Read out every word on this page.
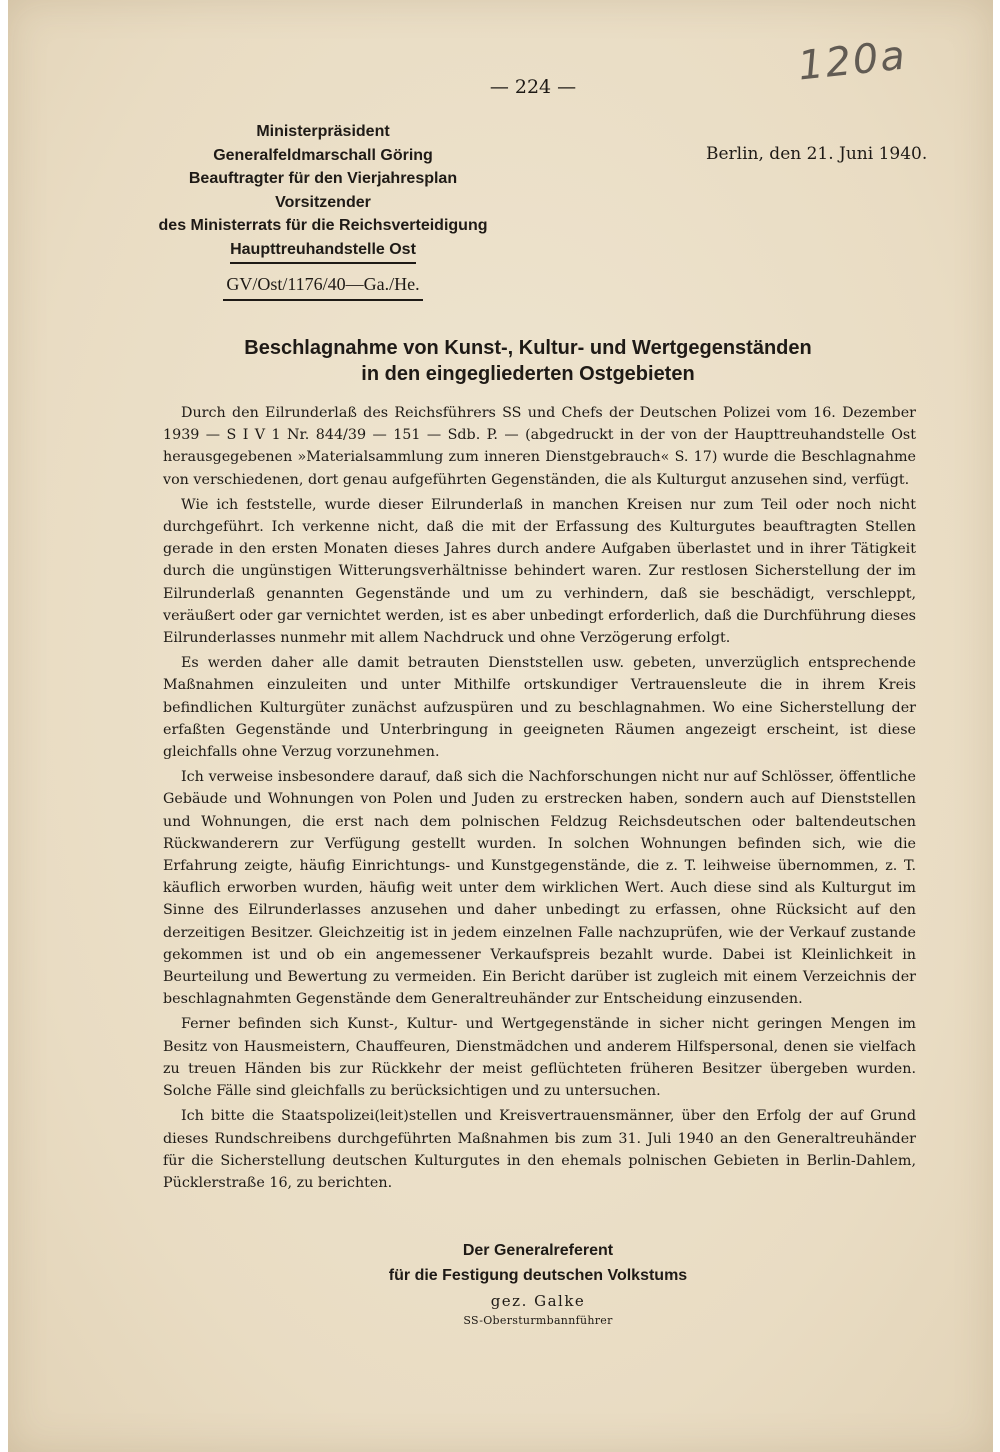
120a
— 224 —
Ministerpräsident
Generalfeldmarschall Göring
Beauftragter für den Vierjahresplan
Vorsitzender
des Ministerrats für die Reichsverteidigung
Haupttreuhandstelle Ost
GV/Ost/1176/40—Ga./He.
Berlin, den 21. Juni 1940.
Beschlagnahme von Kunst-, Kultur- und Wertgegenständen
in den eingegliederten Ostgebieten

Durch den Eilrunderlaß des Reichsführers SS und Chefs der Deutschen Polizei vom 16. Dezember 1939 — S I V 1 Nr. 844/39 — 151 — Sdb. P. — (abgedruckt in der von der Haupttreuhandstelle Ost herausgegebenen »Materialsammlung zum inneren Dienstgebrauch« S. 17) wurde die Beschlagnahme von verschiedenen, dort genau aufgeführten Gegenständen, die als Kulturgut anzusehen sind, verfügt.

Wie ich feststelle, wurde dieser Eilrunderlaß in manchen Kreisen nur zum Teil oder noch nicht durchgeführt. Ich verkenne nicht, daß die mit der Erfassung des Kulturgutes beauftragten Stellen gerade in den ersten Monaten dieses Jahres durch andere Aufgaben überlastet und in ihrer Tätigkeit durch die ungünstigen Witterungsverhältnisse behindert waren. Zur restlosen Sicherstellung der im Eilrunderlaß genannten Gegenstände und um zu verhindern, daß sie beschädigt, verschleppt, veräußert oder gar vernichtet werden, ist es aber unbedingt erforderlich, daß die Durchführung dieses Eilrunderlasses nunmehr mit allem Nachdruck und ohne Verzögerung erfolgt.

Es werden daher alle damit betrauten Dienststellen usw. gebeten, unverzüglich entsprechende Maßnahmen einzuleiten und unter Mithilfe ortskundiger Vertrauensleute die in ihrem Kreis befindlichen Kulturgüter zunächst aufzuspüren und zu beschlagnahmen. Wo eine Sicherstellung der erfaßten Gegenstände und Unterbringung in geeigneten Räumen angezeigt erscheint, ist diese gleichfalls ohne Verzug vorzunehmen.

Ich verweise insbesondere darauf, daß sich die Nachforschungen nicht nur auf Schlösser, öffentliche Gebäude und Wohnungen von Polen und Juden zu erstrecken haben, sondern auch auf Dienststellen und Wohnungen, die erst nach dem polnischen Feldzug Reichsdeutschen oder baltendeutschen Rückwanderern zur Verfügung gestellt wurden. In solchen Wohnungen befinden sich, wie die Erfahrung zeigte, häufig Einrichtungs- und Kunstgegenstände, die z. T. leihweise übernommen, z. T. käuflich erworben wurden, häufig weit unter dem wirklichen Wert. Auch diese sind als Kulturgut im Sinne des Eilrunderlasses anzusehen und daher unbedingt zu erfassen, ohne Rücksicht auf den derzeitigen Besitzer. Gleichzeitig ist in jedem einzelnen Falle nachzuprüfen, wie der Verkauf zustande gekommen ist und ob ein angemessener Verkaufspreis bezahlt wurde. Dabei ist Kleinlichkeit in Beurteilung und Bewertung zu vermeiden. Ein Bericht darüber ist zugleich mit einem Verzeichnis der beschlagnahmten Gegenstände dem Generaltreuhänder zur Entscheidung einzusenden.

Ferner befinden sich Kunst-, Kultur- und Wertgegenstände in sicher nicht geringen Mengen im Besitz von Hausmeistern, Chauffeuren, Dienstmädchen und anderem Hilfspersonal, denen sie vielfach zu treuen Händen bis zur Rückkehr der meist geflüchteten früheren Besitzer übergeben wurden. Solche Fälle sind gleichfalls zu berücksichtigen und zu untersuchen.

Ich bitte die Staatspolizei(leit)stellen und Kreisvertrauensmänner, über den Erfolg der auf Grund dieses Rundschreibens durchgeführten Maßnahmen bis zum 31. Juli 1940 an den Generaltreuhänder für die Sicherstellung deutschen Kulturgutes in den ehemals polnischen Gebieten in Berlin-Dahlem, Pücklerstraße 16, zu berichten.

Der Generalreferent
für die Festigung deutschen Volkstums
gez. Galke
SS-Obersturmbannführer
